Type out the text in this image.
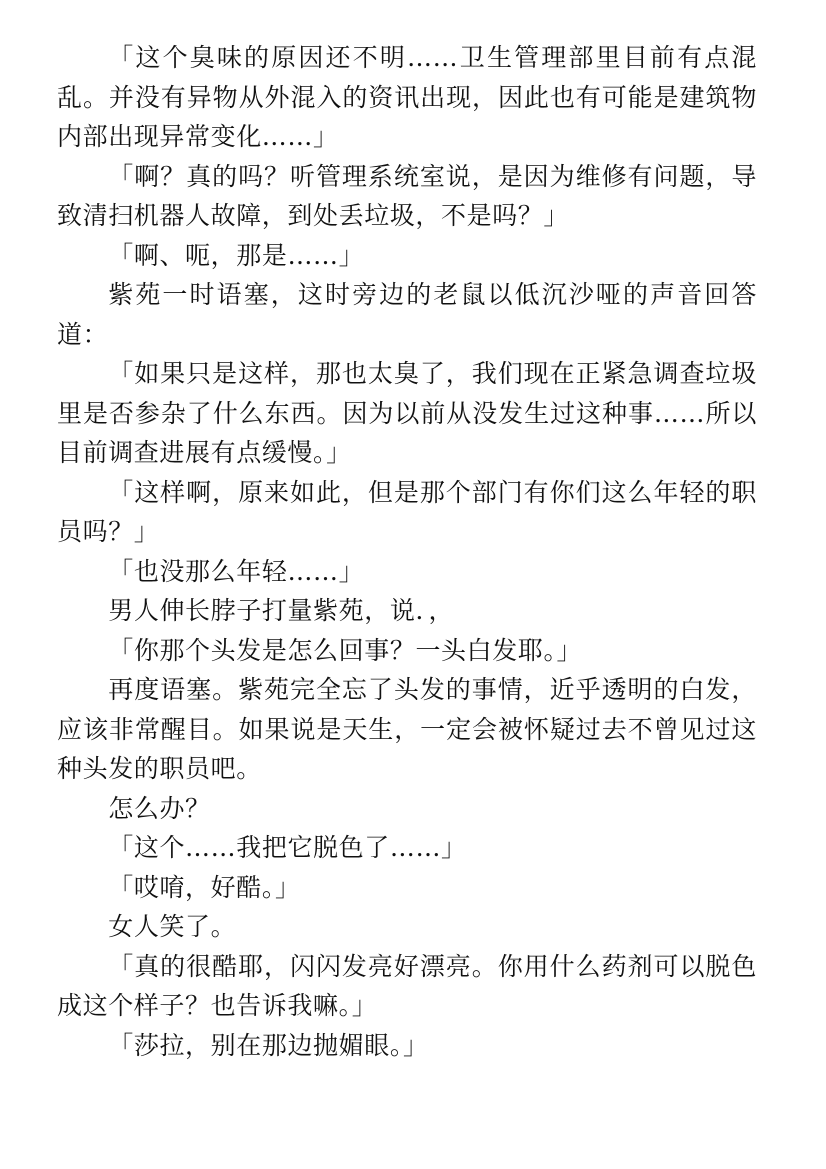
「这个臭味的原因还不明……卫生管理部里目前有点混乱。并没有异物从外混入的资讯出现，因此也有可能是建筑物内部出现异常变化……」

「啊？真的吗？听管理系统室说，是因为维修有问题，导致清扫机器人故障，到处丢垃圾，不是吗？」

「啊、呃，那是……」

紫苑一时语塞，这时旁边的老鼠以低沉沙哑的声音回答道：

「如果只是这样，那也太臭了，我们现在正紧急调查垃圾里是否参杂了什么东西。因为以前从没发生过这种事……所以目前调查进展有点缓慢。」

「这样啊，原来如此，但是那个部门有你们这么年轻的职员吗？」

「也没那么年轻……」

男人伸长脖子打量紫苑，说．，

「你那个头发是怎么回事？一头白发耶。」

再度语塞。紫苑完全忘了头发的事情，近乎透明的白发，应该非常醒目。如果说是天生，一定会被怀疑过去不曾见过这种头发的职员吧。

怎么办？

「这个……我把它脱色了……」

「哎唷，好酷。」

女人笑了。

「真的很酷耶，闪闪发亮好漂亮。你用什么药剂可以脱色成这个样子？也告诉我嘛。」

「莎拉，别在那边抛媚眼。」
